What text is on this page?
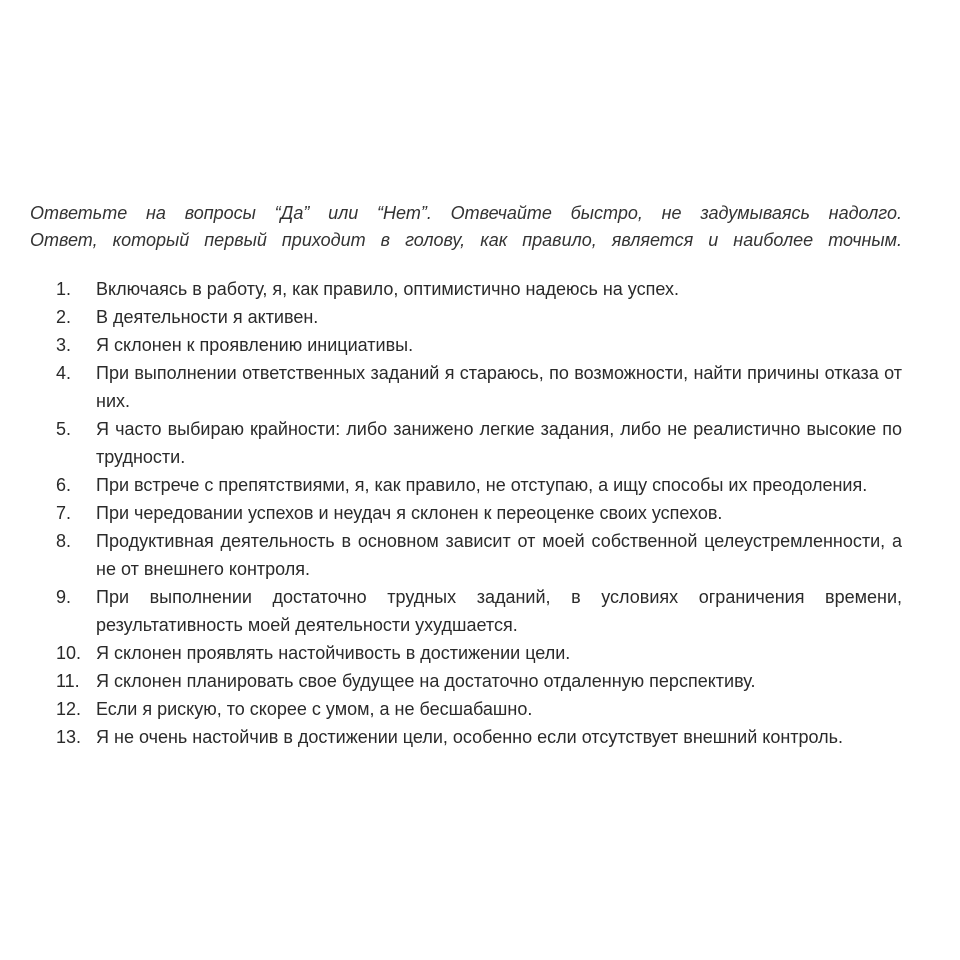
Ответьте на вопросы “Да” или “Нет”. Отвечайте быстро, не задумываясь надолго.
Ответ, который первый приходит в голову, как правило, является и наиболее точным.
1.	Включаясь в работу, я, как правило, оптимистично надеюсь на успех.
2.	В деятельности я активен.
3.	Я склонен к проявлению инициативы.
4.	При выполнении ответственных заданий я стараюсь, по возможности, найти причины отказа от них.
5.	Я часто выбираю крайности: либо занижено легкие задания, либо не реалистично высокие по трудности.
6.	При встрече с препятствиями, я, как правило, не отступаю, а ищу способы их преодоления.
7.	При чередовании успехов и неудач я склонен к переоценке своих успехов.
8.	Продуктивная деятельность в основном зависит от моей собственной целеустремленности, а не от внешнего контроля.
9.	При выполнении достаточно трудных заданий, в условиях ограничения времени, результативность моей деятельности ухудшается.
10. Я склонен проявлять настойчивость в достижении цели.
11. Я склонен планировать свое будущее на достаточно отдаленную перспективу.
12. Если я рискую, то скорее с умом, а не бесшабашно.
13. Я не очень настойчив в достижении цели, особенно если отсутствует внешний контроль.
